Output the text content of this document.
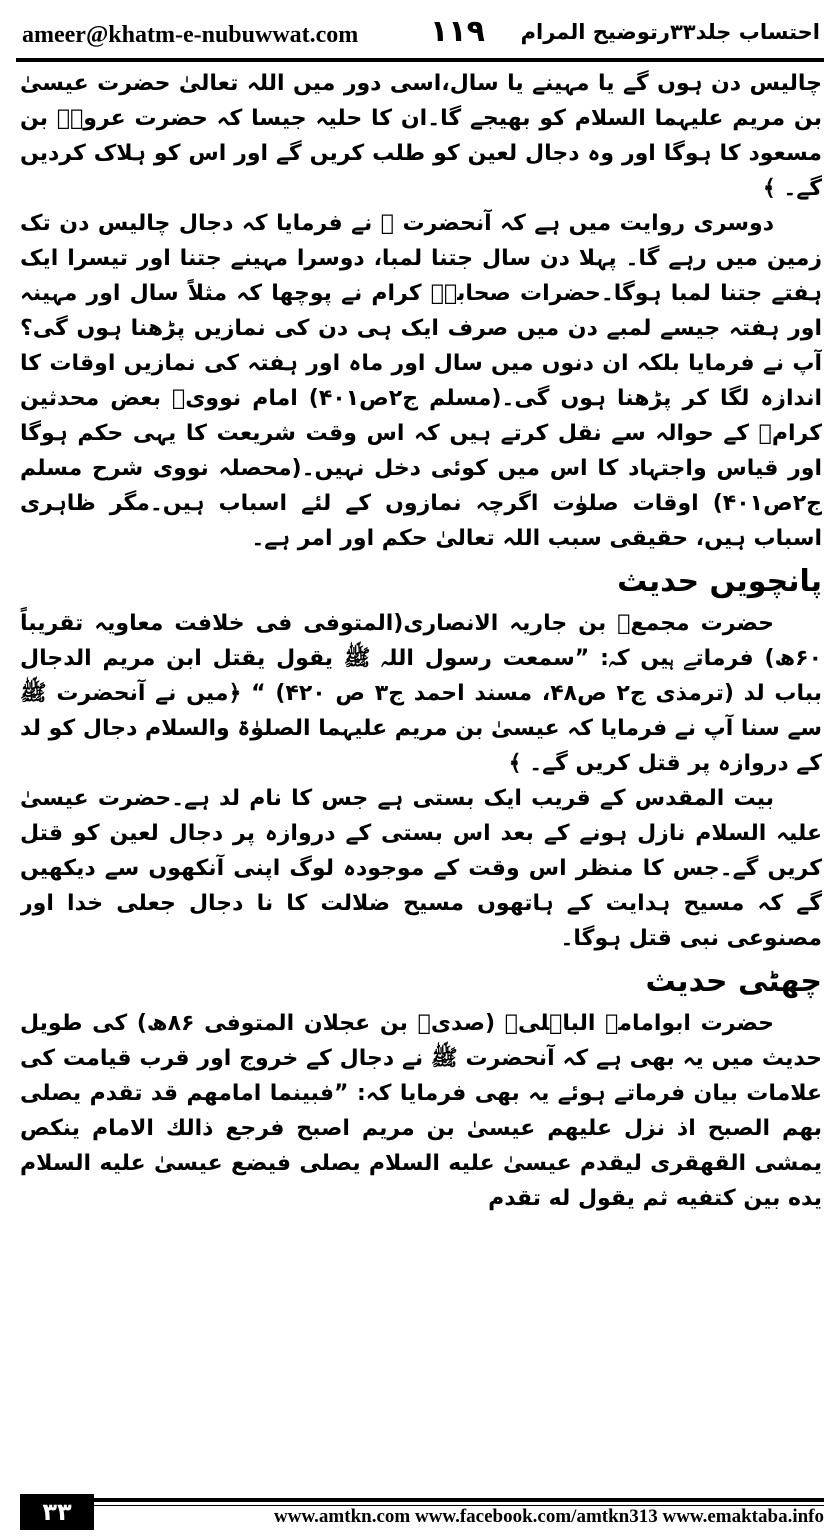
ameer@khatm-e-nubuwwat.com ۱۱۹ احتساب جلد۳۳رتوضیح المرام

چالیس دن ہوں گے یا مہینے یا سال،اسی دور میں اللہ تعالیٰ حضرت عیسیٰ بن مریم علیہما السلام کو بھیجے گا۔ان کا حلیہ جیسا کہ حضرت عروہؓ بن مسعود کا ہوگا اور وہ دجال لعین کو طلب کریں گے اور اس کو ہلاک کردیں گے۔ ﴾

دوسری روایت میں ہے کہ آنحضرت ﷺ نے فرمایا کہ دجال چالیس دن تک زمین میں رہے گا۔ پہلا دن سال جتنا لمبا، دوسرا مہینے جتنا اور تیسرا ایک ہفتے جتنا لمبا ہوگا۔حضرات صحابہؓ کرام نے پوچھا کہ مثلاً سال اور مہینہ اور ہفتہ جیسے لمبے دن میں صرف ایک ہی دن کی نمازیں پڑھنا ہوں گی؟ آپ نے فرمایا بلکہ ان دنوں میں سال اور ماہ اور ہفتہ کی نمازیں اوقات کا اندازہ لگا کر پڑھنا ہوں گی۔(مسلم ج۲ص۴۰۱) امام نوویؒ بعض محدثین کرامؒ کے حوالہ سے نقل کرتے ہیں کہ اس وقت شریعت کا یہی حکم ہوگا اور قیاس واجتہاد کا اس میں کوئی دخل نہیں۔(محصلہ نووی شرح مسلم ج۲ص۴۰۱) اوقات صلوٰت اگرچہ نمازوں کے لئے اسباب ہیں۔مگر ظاہری اسباب ہیں، حقیقی سبب اللہ تعالیٰ حکم اور امر ہے۔

پانچویں حدیث

حضرت مجمعؓ بن جاریہ الانصاری(المتوفی فی خلافت معاویہ تقریباً ۶۰ھ) فرماتے ہیں کہ: ”سمعت رسول اللہ ﷺ یقول یقتل ابن مریم الدجال بباب لد (ترمذی ج۲ ص۴۸، مسند احمد ج۳ ص ۴۲۰) “ ﴿میں نے آنحضرت ﷺ سے سنا آپ نے فرمایا کہ عیسیٰ بن مریم علیہما الصلوٰۃ والسلام دجال کو لد کے دروازہ پر قتل کریں گے۔ ﴾

بیت المقدس کے قریب ایک بستی ہے جس کا نام لد ہے۔حضرت عیسیٰ علیہ السلام نازل ہونے کے بعد اس بستی کے دروازہ پر دجال لعین کو قتل کریں گے۔جس کا منظر اس وقت کے موجودہ لوگ اپنی آنکھوں سے دیکھیں گے کہ مسیح ہدایت کے ہاتھوں مسیح ضلالت کا نا دجال جعلی خدا اور مصنوعی نبی قتل ہوگا۔

چھٹی حدیث

حضرت ابوامامہ الباہلیؓ (صدیؓ بن عجلان المتوفی ۸۶ھ) کی طویل حدیث میں یہ بھی ہے کہ آنحضرت ﷺ نے دجال کے خروج اور قرب قیامت کی علامات بیان فرماتے ہوئے یہ بھی فرمایا کہ: ”فبینما امامهم قد تقدم یصلی بهم الصبح اذ نزل علیهم عیسیٰ بن مریم اصبح فرجع ذالك الامام ینكص یمشی القهقری لیقدم عیسیٰ علیه السلام یصلی فیضع عیسیٰ علیه السلام یده بین كتفیه ثم یقول له تقدم

۳۳	www.amtkn.com www.facebook.com/amtkn313 www.emaktaba.info
